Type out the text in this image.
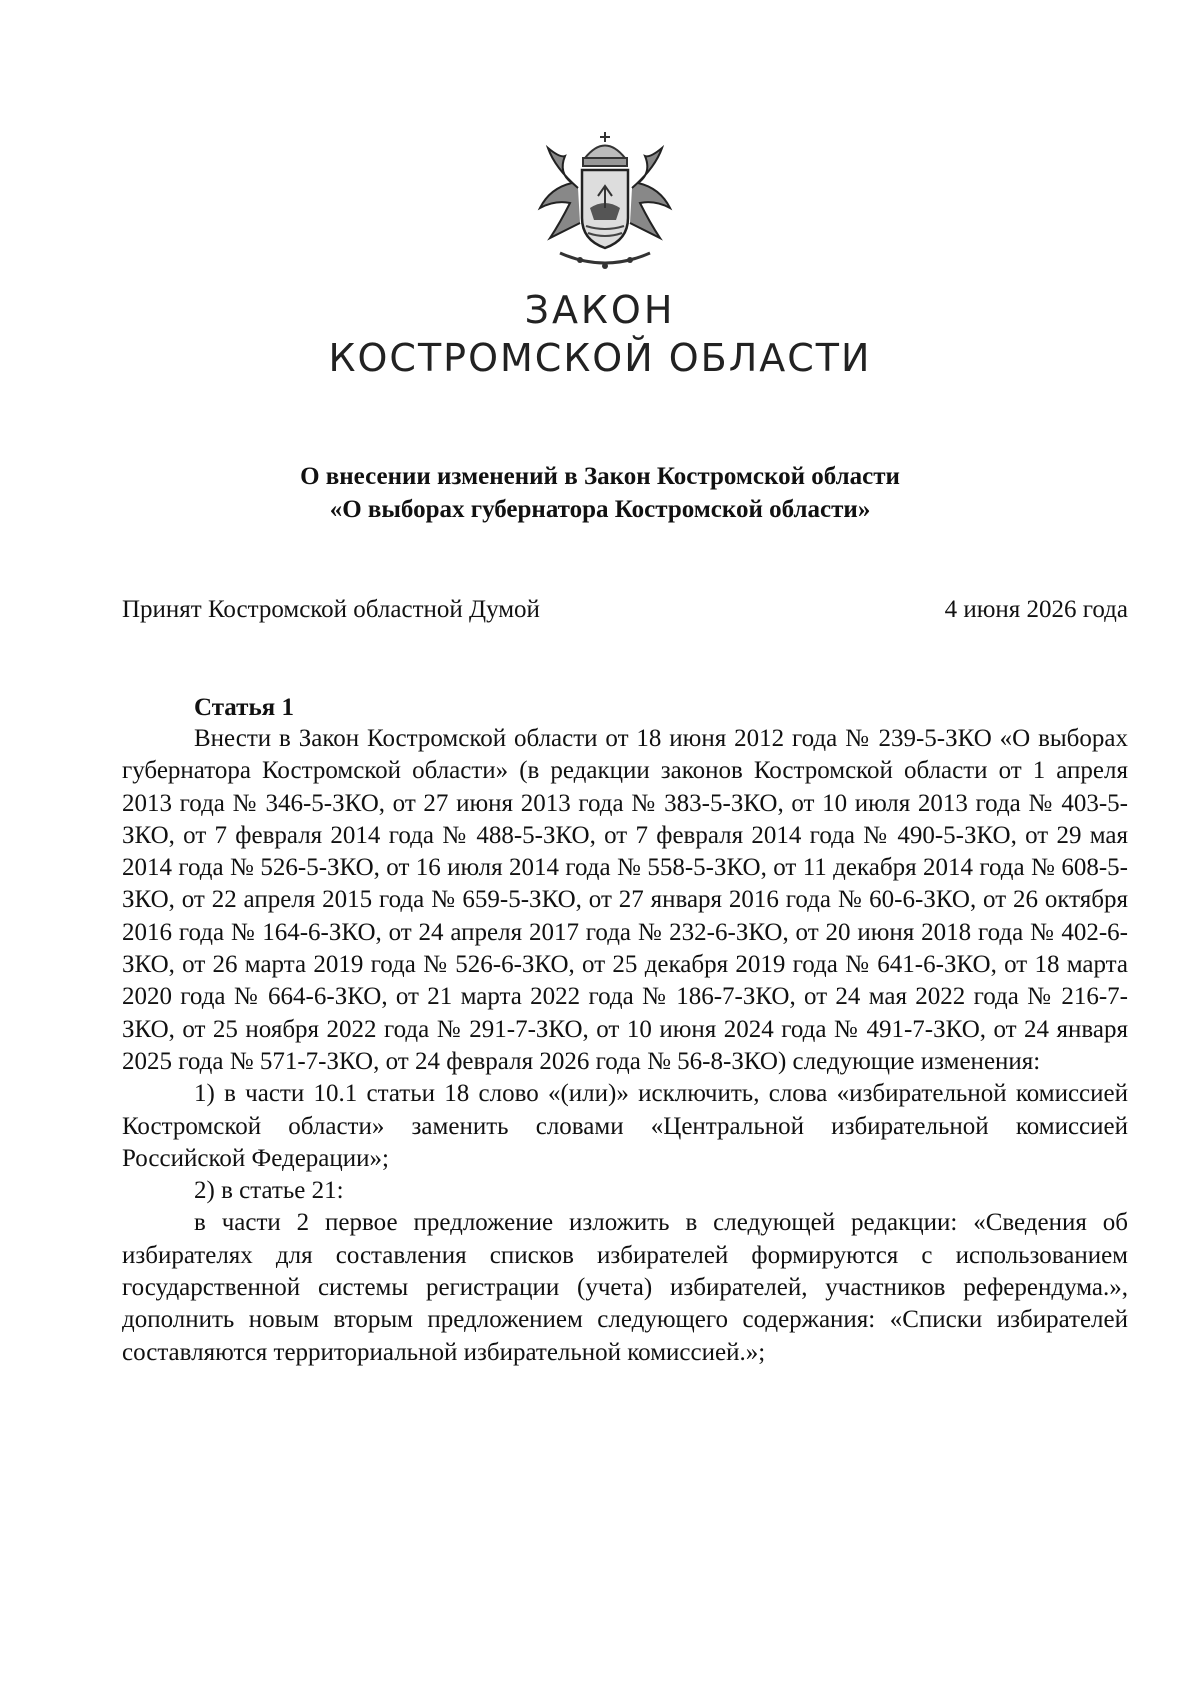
ЗАКОН
КОСТРОМСКОЙ ОБЛАСТИ
О внесении изменений в Закон Костромской области
«О выборах губернатора Костромской области»
Принят Костромской областной Думой	4 июня 2026 года
Статья 1

Внести в Закон Костромской области от 18 июня 2012 года № 239-5-ЗКО «О выборах губернатора Костромской области» (в редакции законов Костромской области от 1 апреля 2013 года № 346-5-ЗКО, от 27 июня 2013 года № 383-5-ЗКО, от 10 июля 2013 года № 403-5-ЗКО, от 7 февраля 2014 года № 488-5-ЗКО, от 7 февраля 2014 года № 490-5-ЗКО, от 29 мая 2014 года № 526-5-ЗКО, от 16 июля 2014 года № 558-5-ЗКО, от 11 декабря 2014 года № 608-5-ЗКО, от 22 апреля 2015 года № 659-5-ЗКО, от 27 января 2016 года № 60-6-ЗКО, от 26 октября 2016 года № 164-6-ЗКО, от 24 апреля 2017 года № 232-6-ЗКО, от 20 июня 2018 года № 402-6-ЗКО, от 26 марта 2019 года № 526-6-ЗКО, от 25 декабря 2019 года № 641-6-ЗКО, от 18 марта 2020 года № 664-6-ЗКО, от 21 марта 2022 года № 186-7-ЗКО, от 24 мая 2022 года № 216-7-ЗКО, от 25 ноября 2022 года № 291-7-ЗКО, от 10 июня 2024 года № 491-7-ЗКО, от 24 января 2025 года № 571-7-ЗКО, от 24 февраля 2026 года № 56-8-ЗКО) следующие изменения:

1) в части 10.1 статьи 18 слово «(или)» исключить, слова «избирательной комиссией Костромской области» заменить словами «Центральной избирательной комиссией Российской Федерации»;

2) в статье 21:

в части 2 первое предложение изложить в следующей редакции: «Сведения об избирателях для составления списков избирателей формируются с использованием государственной системы регистрации (учета) избирателей, участников референдума.», дополнить новым вторым предложением следующего содержания: «Списки избирателей составляются территориальной избирательной комиссией.»;
